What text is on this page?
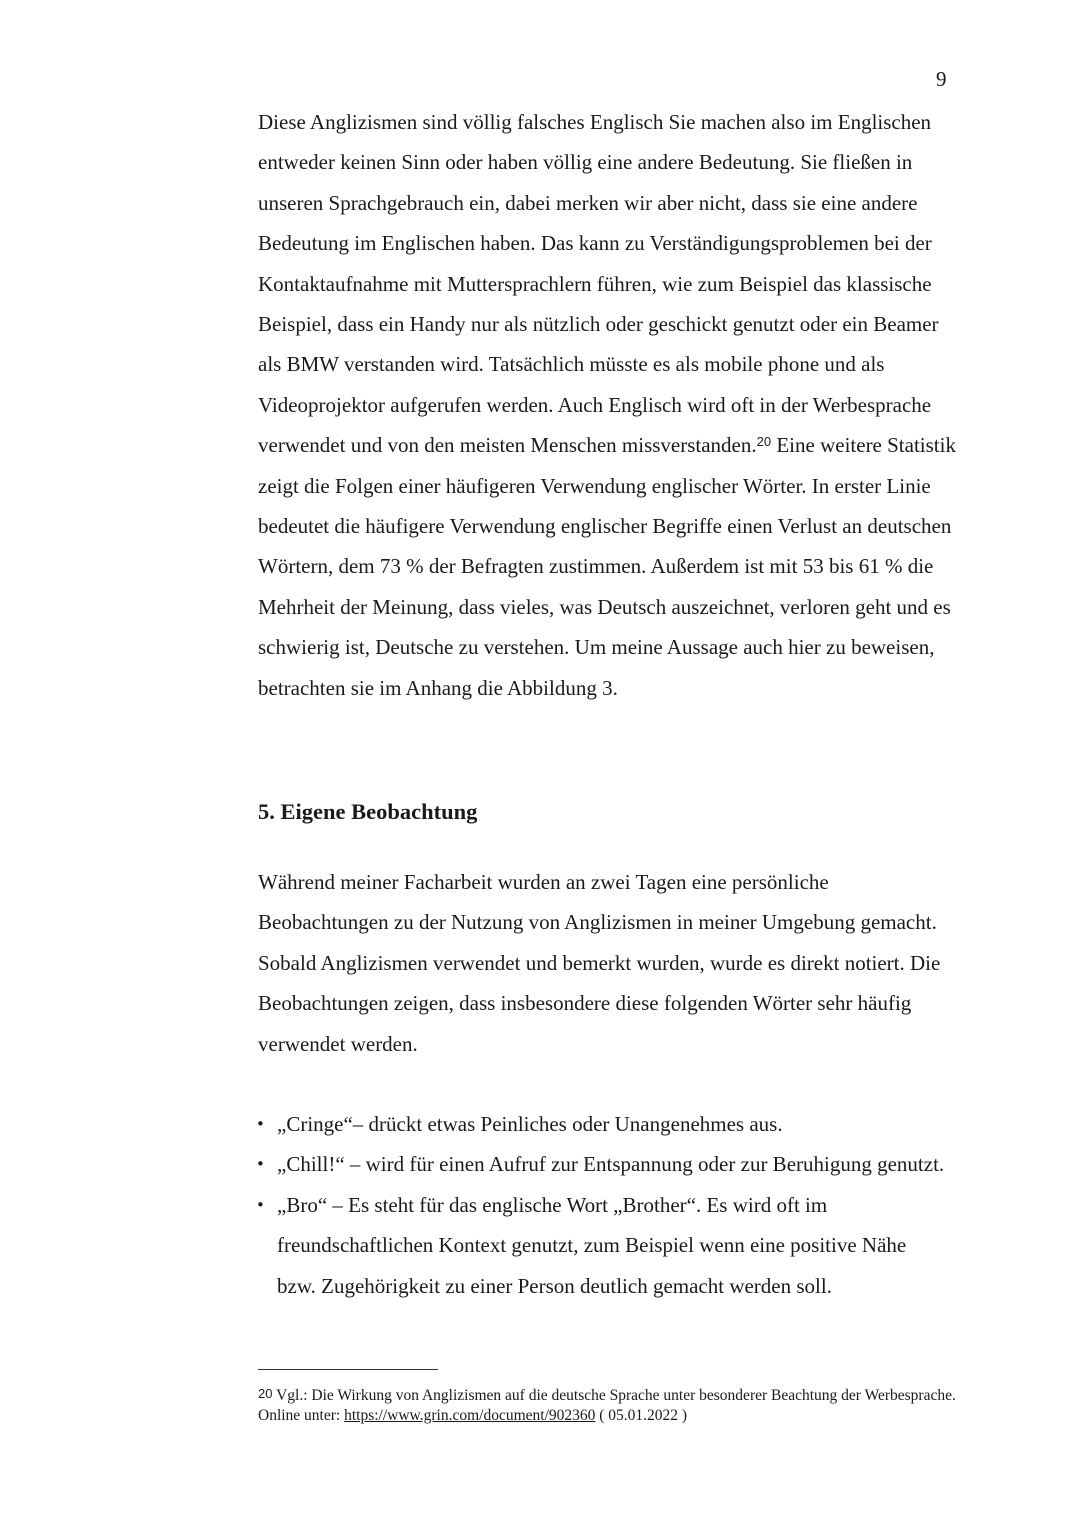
9

Diese Anglizismen sind völlig falsches Englisch Sie machen also im Englischen entweder keinen Sinn oder haben völlig eine andere Bedeutung. Sie fließen in unseren Sprachgebrauch ein, dabei merken wir aber nicht, dass sie eine andere Bedeutung im Englischen haben. Das kann zu Verständigungsproblemen bei der Kontaktaufnahme mit Muttersprachlern führen, wie zum Beispiel das klassische Beispiel, dass ein Handy nur als nützlich oder geschickt genutzt oder ein Beamer als BMW verstanden wird. Tatsächlich müsste es als mobile phone und als Videoprojektor aufgerufen werden. Auch Englisch wird oft in der Werbesprache verwendet und von den meisten Menschen missverstanden.$^{20}$ Eine weitere Statistik zeigt die Folgen einer häufigeren Verwendung englischer Wörter. In erster Linie bedeutet die häufigere Verwendung englischer Begriffe einen Verlust an deutschen Wörtern, dem 73 % der Befragten zustimmen. Außerdem ist mit 53 bis 61 % die Mehrheit der Meinung, dass vieles, was Deutsch auszeichnet, verloren geht und es schwierig ist, Deutsche zu verstehen. Um meine Aussage auch hier zu beweisen, betrachten sie im Anhang die Abbildung 3.

5. Eigene Beobachtung

Während meiner Facharbeit wurden an zwei Tagen eine persönliche Beobachtungen zu der Nutzung von Anglizismen in meiner Umgebung gemacht. Sobald Anglizismen verwendet und bemerkt wurden, wurde es direkt notiert. Die Beobachtungen zeigen, dass insbesondere diese folgenden Wörter sehr häufig verwendet werden.

• „Cringe“– drückt etwas Peinliches oder Unangenehmes aus.
• „Chill!“ – wird für einen Aufruf zur Entspannung oder zur Beruhigung genutzt.
• „Bro“ – Es steht für das englische Wort „Brother“. Es wird oft im freundschaftlichen Kontext genutzt, zum Beispiel wenn eine positive Nähe bzw. Zugehörigkeit zu einer Person deutlich gemacht werden soll.

20 Vgl.: Die Wirkung von Anglizismen auf die deutsche Sprache unter besonderer Beachtung der Werbesprache. Online unter: https://www.grin.com/document/902360 ( 05.01.2022 )
